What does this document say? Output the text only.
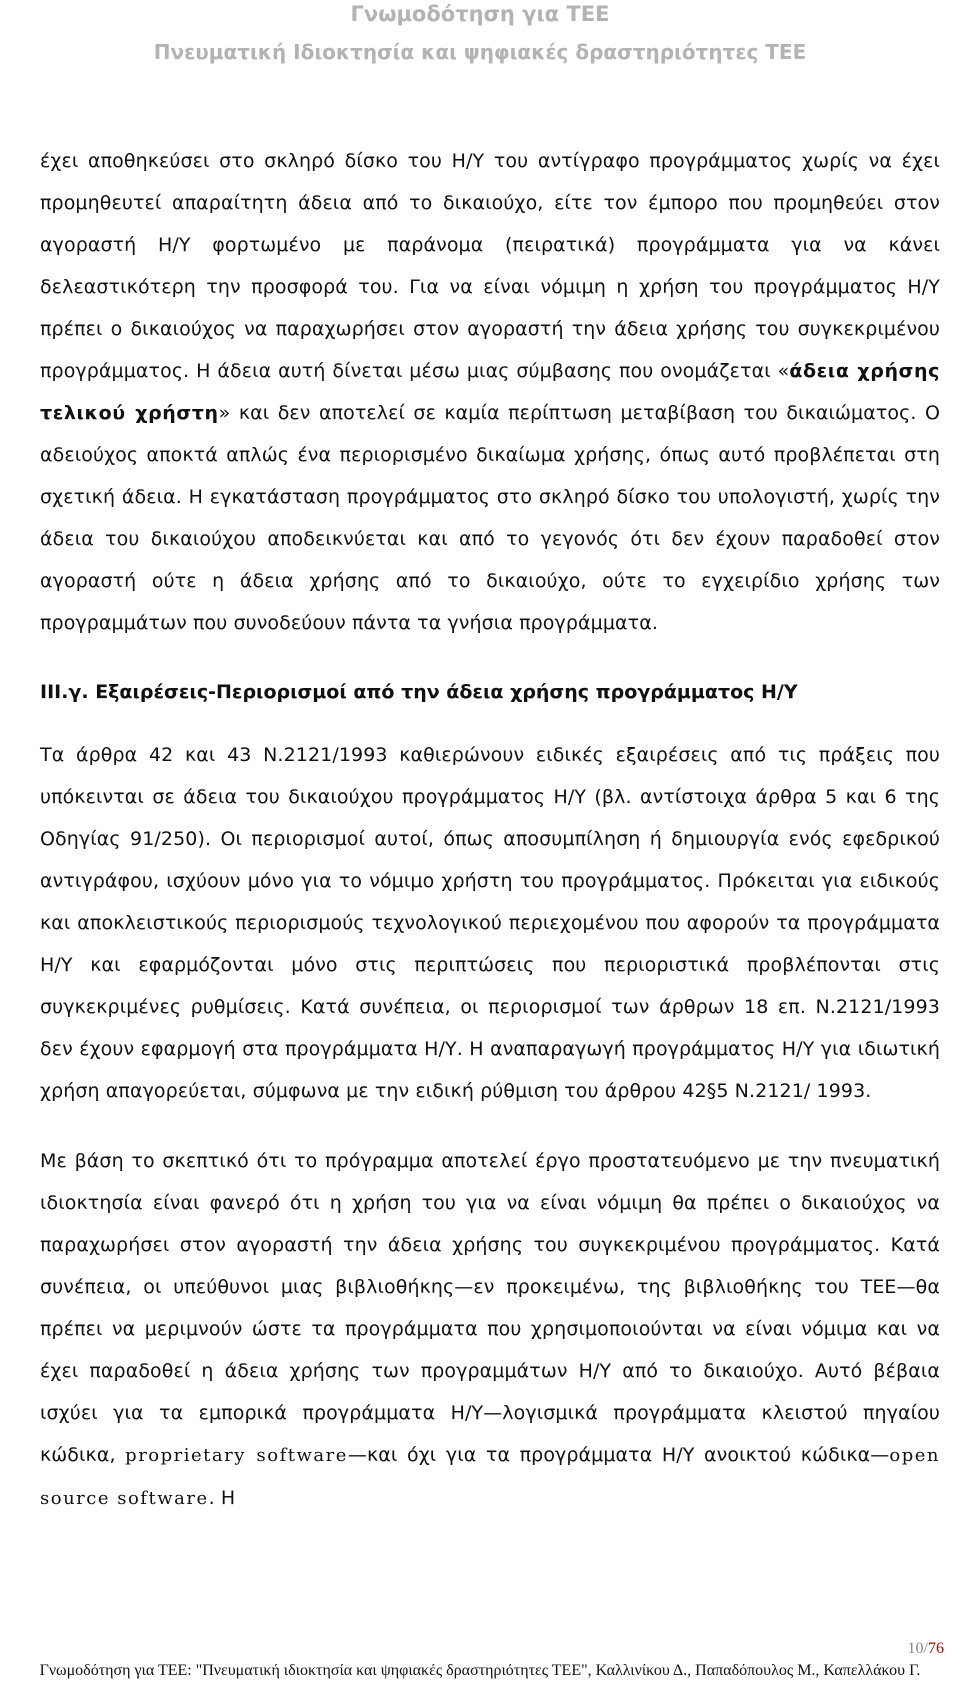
Γνωμοδότηση για ΤΕΕ
Πνευματική Ιδιοκτησία και ψηφιακές δραστηριότητες ΤΕΕ

έχει αποθηκεύσει στο σκληρό δίσκο του Η/Υ του αντίγραφο προγράμματος χωρίς να έχει προμηθευτεί απαραίτητη άδεια από το δικαιούχο, είτε τον έμπορο που προμηθεύει στον αγοραστή Η/Υ φορτωμένο με παράνομα (πειρατικά) προγράμματα για να κάνει δελεαστικότερη την προσφορά του. Για να είναι νόμιμη η χρήση του προγράμματος Η/Υ πρέπει ο δικαιούχος να παραχωρήσει στον αγοραστή την άδεια χρήσης του συγκεκριμένου προγράμματος. Η άδεια αυτή δίνεται μέσω μιας σύμβασης που ονομάζεται «άδεια χρήσης τελικού χρήστη» και δεν αποτελεί σε καμία περίπτωση μεταβίβαση του δικαιώματος. Ο αδειούχος αποκτά απλώς ένα περιορισμένο δικαίωμα χρήσης, όπως αυτό προβλέπεται στη σχετική άδεια. Η εγκατάσταση προγράμματος στο σκληρό δίσκο του υπολογιστή, χωρίς την άδεια του δικαιούχου αποδεικνύεται και από το γεγονός ότι δεν έχουν παραδοθεί στον αγοραστή ούτε η άδεια χρήσης από το δικαιούχο, ούτε το εγχειρίδιο χρήσης των προγραμμάτων που συνοδεύουν πάντα τα γνήσια προγράμματα.

ΙΙΙ.γ. Εξαιρέσεις-Περιορισμοί από την άδεια χρήσης προγράμματος Η/Υ

Τα άρθρα 42 και 43 Ν.2121/1993 καθιερώνουν ειδικές εξαιρέσεις από τις πράξεις που υπόκεινται σε άδεια του δικαιούχου προγράμματος Η/Υ (βλ. αντίστοιχα άρθρα 5 και 6 της Οδηγίας 91/250). Οι περιορισμοί αυτοί, όπως αποσυμπίληση ή δημιουργία ενός εφεδρικού αντιγράφου, ισχύουν μόνο για το νόμιμο χρήστη του προγράμματος. Πρόκειται για ειδικούς και αποκλειστικούς περιορισμούς τεχνολογικού περιεχομένου που αφορούν τα προγράμματα Η/Υ και εφαρμόζονται μόνο στις περιπτώσεις που περιοριστικά προβλέπονται στις συγκεκριμένες ρυθμίσεις. Κατά συνέπεια, οι περιορισμοί των άρθρων 18 επ. Ν.2121/1993 δεν έχουν εφαρμογή στα προγράμματα Η/Υ. Η αναπαραγωγή προγράμματος Η/Υ για ιδιωτική χρήση απαγορεύεται, σύμφωνα με την ειδική ρύθμιση του άρθρου 42§5 Ν.2121/ 1993.

Με βάση το σκεπτικό ότι το πρόγραμμα αποτελεί έργο προστατευόμενο με την πνευματική ιδιοκτησία είναι φανερό ότι η χρήση του για να είναι νόμιμη θα πρέπει ο δικαιούχος να παραχωρήσει στον αγοραστή την άδεια χρήσης του συγκεκριμένου προγράμματος. Κατά συνέπεια, οι υπεύθυνοι μιας βιβλιοθήκης—εν προκειμένω, της βιβλιοθήκης του ΤΕΕ—θα πρέπει να μεριμνούν ώστε τα προγράμματα που χρησιμοποιούνται να είναι νόμιμα και να έχει παραδοθεί η άδεια χρήσης των προγραμμάτων Η/Υ από το δικαιούχο. Αυτό βέβαια ισχύει για τα εμπορικά προγράμματα Η/Υ—λογισμικά προγράμματα κλειστού πηγαίου κώδικα, proprietary software—και όχι για τα προγράμματα Η/Υ ανοικτού κώδικα—open source software. Η

10/76
Γνωμοδότηση για ΤΕΕ: "Πνευματική ιδιοκτησία και ψηφιακές δραστηριότητες ΤΕΕ", Καλλινίκου Δ., Παπαδόπουλος Μ., Καπελλάκου Γ.
